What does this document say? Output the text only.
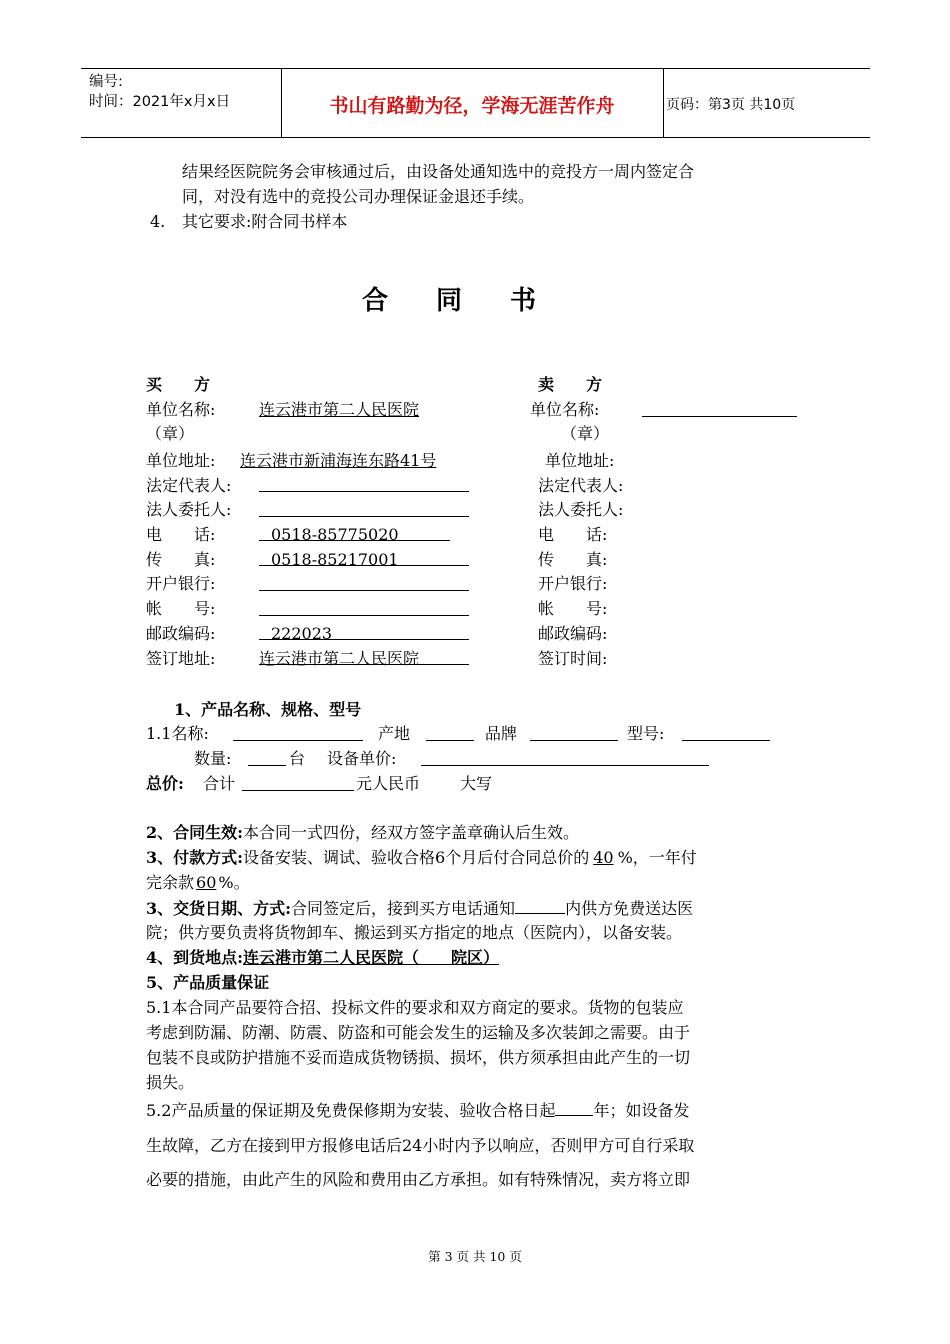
编号:
时间：2021年x月x日	书山有路勤为径，学海无涯苦作舟	页码：第3页 共10页
结果经医院院务会审核通过后，由设备处通知选中的竞投方一周内签定合
同，对没有选中的竞投公司办理保证金退还手续。
4. 其它要求:附合同书样本
合 同 书
买　　方	卖　　方
单位名称:	连云港市第二人民医院	单位名称:
（章）	（章）
单位地址: 连云港市新浦海连东路41号	单位地址:
法定代表人:	法定代表人:
法人委托人:	法人委托人:
电　　话:	0518-85775020	电　　话:
传　　真:	0518-85217001	传　　真:
开户银行:	开户银行:
帐　　号:	帐　　号:
邮政编码:	222023	邮政编码:
签订地址:	连云港市第二人民医院	签订时间:
1、产品名称、规格、型号
1.1名称:	产地	品牌	型号:
数量:	台 设备单价:
总价: 合计	元人民币 大写
2、合同生效:本合同一式四份，经双方签字盖章确认后生效。
3、付款方式:设备安装、调试、验收合格6个月后付合同总价的 40 %，一年付
完余款 60 %。
3、交货日期、方式:合同签定后，接到买方电话通知	内供方免费送达医
院；供方要负责将货物卸车、搬运到买方指定的地点（医院内），以备安装。
4、到货地点:连云港市第二人民医院（　　院区）
5、产品质量保证
5.1本合同产品要符合招、投标文件的要求和双方商定的要求。货物的包装应
考虑到防漏、防潮、防震、防盗和可能会发生的运输及多次装卸之需要。由于
包装不良或防护措施不妥而造成货物锈损、损坏，供方须承担由此产生的一切
损失。
5.2产品质量的保证期及免费保修期为安装、验收合格日起 年；如设备发
生故障，乙方在接到甲方报修电话后24小时内予以响应，否则甲方可自行采取
必要的措施，由此产生的风险和费用由乙方承担。如有特殊情况，卖方将立即
第 3 页 共 10 页
